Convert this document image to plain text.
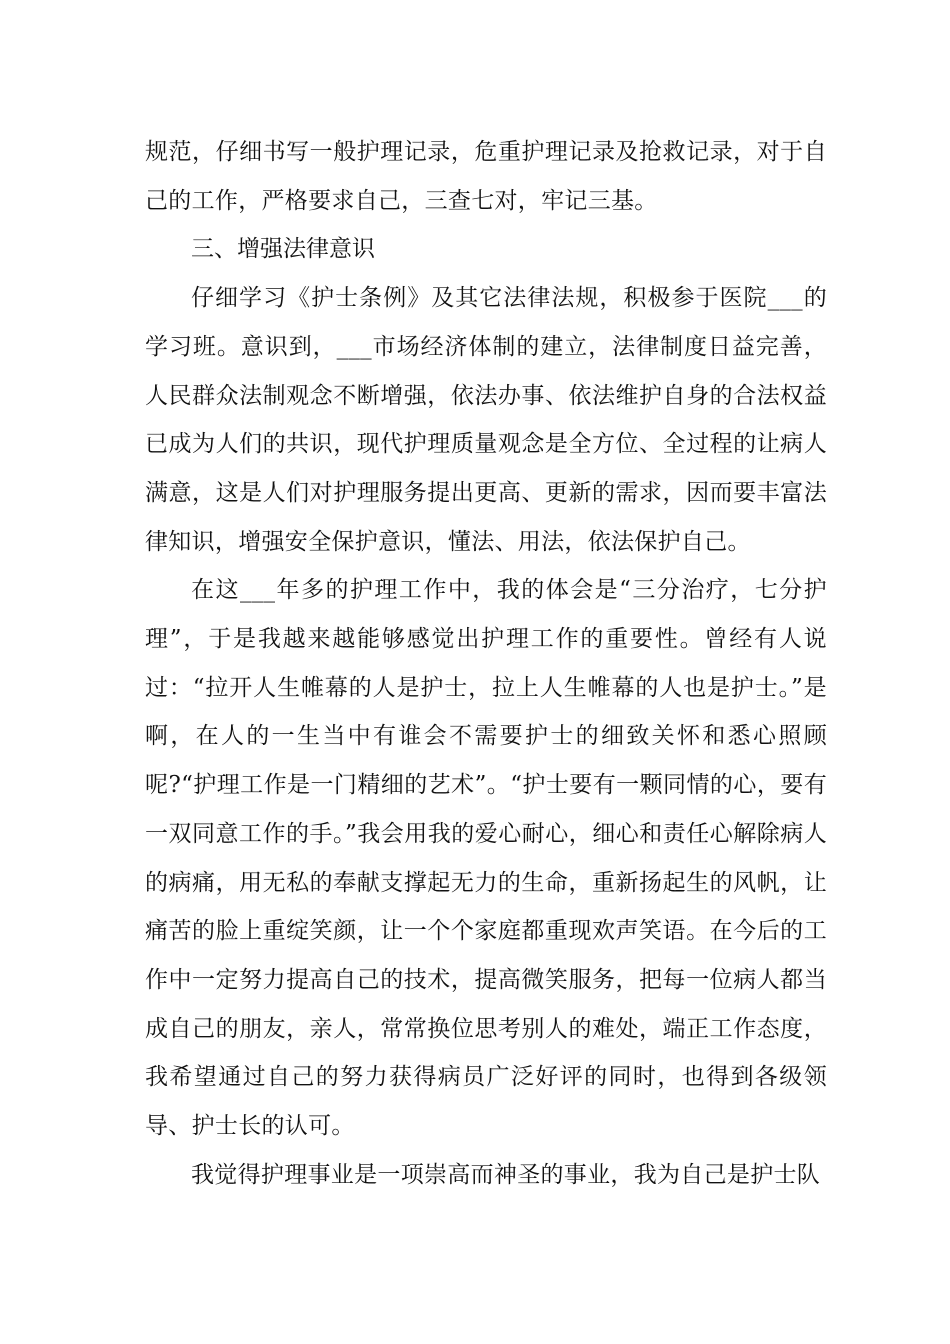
规范，仔细书写一般护理记录，危重护理记录及抢救记录，对于自己的工作，严格要求自己，三查七对，牢记三基。

三、增强法律意识

仔细学习《护士条例》及其它法律法规，积极参于医院___的学习班。意识到，___市场经济体制的建立，法律制度日益完善，人民群众法制观念不断增强，依法办事、依法维护自身的合法权益已成为人们的共识，现代护理质量观念是全方位、全过程的让病人满意，这是人们对护理服务提出更高、更新的需求，因而要丰富法律知识，增强安全保护意识，懂法、用法，依法保护自己。

在这___年多的护理工作中，我的体会是“三分治疗，七分护理”，于是我越来越能够感觉出护理工作的重要性。曾经有人说过：“拉开人生帷幕的人是护士，拉上人生帷幕的人也是护士。”是啊，在人的一生当中有谁会不需要护士的细致关怀和悉心照顾呢?“护理工作是一门精细的艺术”。“护士要有一颗同情的心，要有一双同意工作的手。”我会用我的爱心耐心，细心和责任心解除病人的病痛，用无私的奉献支撑起无力的生命，重新扬起生的风帆，让痛苦的脸上重绽笑颜，让一个个家庭都重现欢声笑语。在今后的工作中一定努力提高自己的技术，提高微笑服务，把每一位病人都当成自己的朋友，亲人，常常换位思考别人的难处，端正工作态度，我希望通过自己的努力获得病员广泛好评的同时，也得到各级领导、护士长的认可。

我觉得护理事业是一项崇高而神圣的事业，我为自己是护士队
